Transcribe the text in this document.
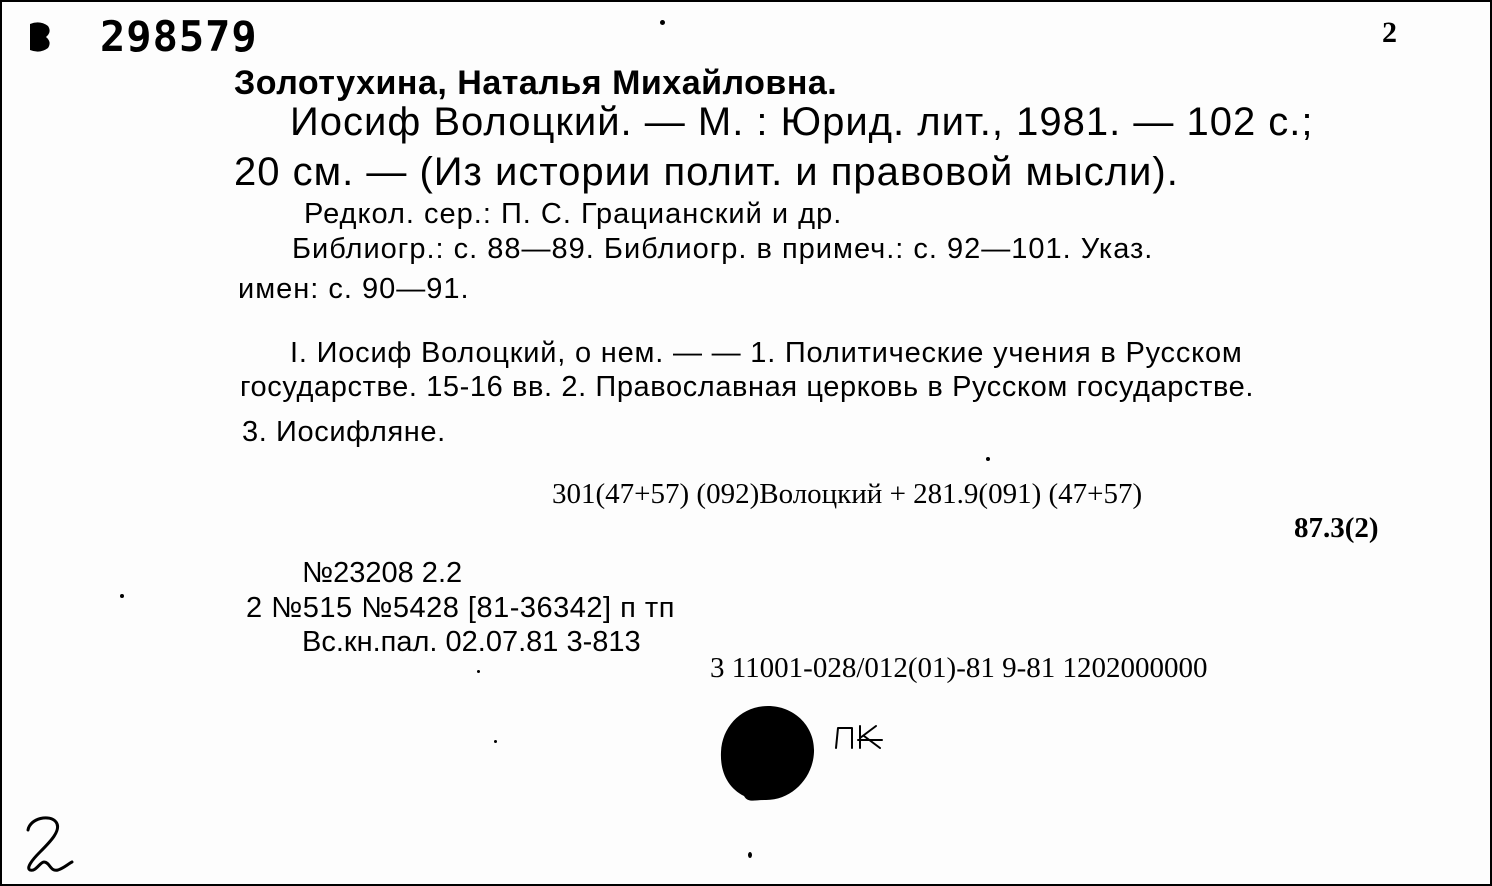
298579	2
Золотухина, Наталья Михайловна.
Иосиф Волоцкий. — М. : Юрид. лит., 1981. — 102 с.;
20 см. — (Из истории полит. и правовой мысли).
Редкол. сер.: П. С. Грацианский и др.
Библиогр.: с. 88—89. Библиогр. в примеч.: с. 92—101. Указ.
имен: с. 90—91.
I. Иосиф Волоцкий, о нем. — — 1. Политические учения в Русском
государстве. 15-16 вв. 2. Православная церковь в Русском государстве.
3. Иосифляне.
301(47+57) (092)Волоцкий + 281.9(091) (47+57)
87.3(2)
№23208 2.2
2 №515 №5428 [81-36342] п тп
Вс.кн.пал. 02.07.81 3-813
3 11001-028/012(01)-81 9-81 1202000000
